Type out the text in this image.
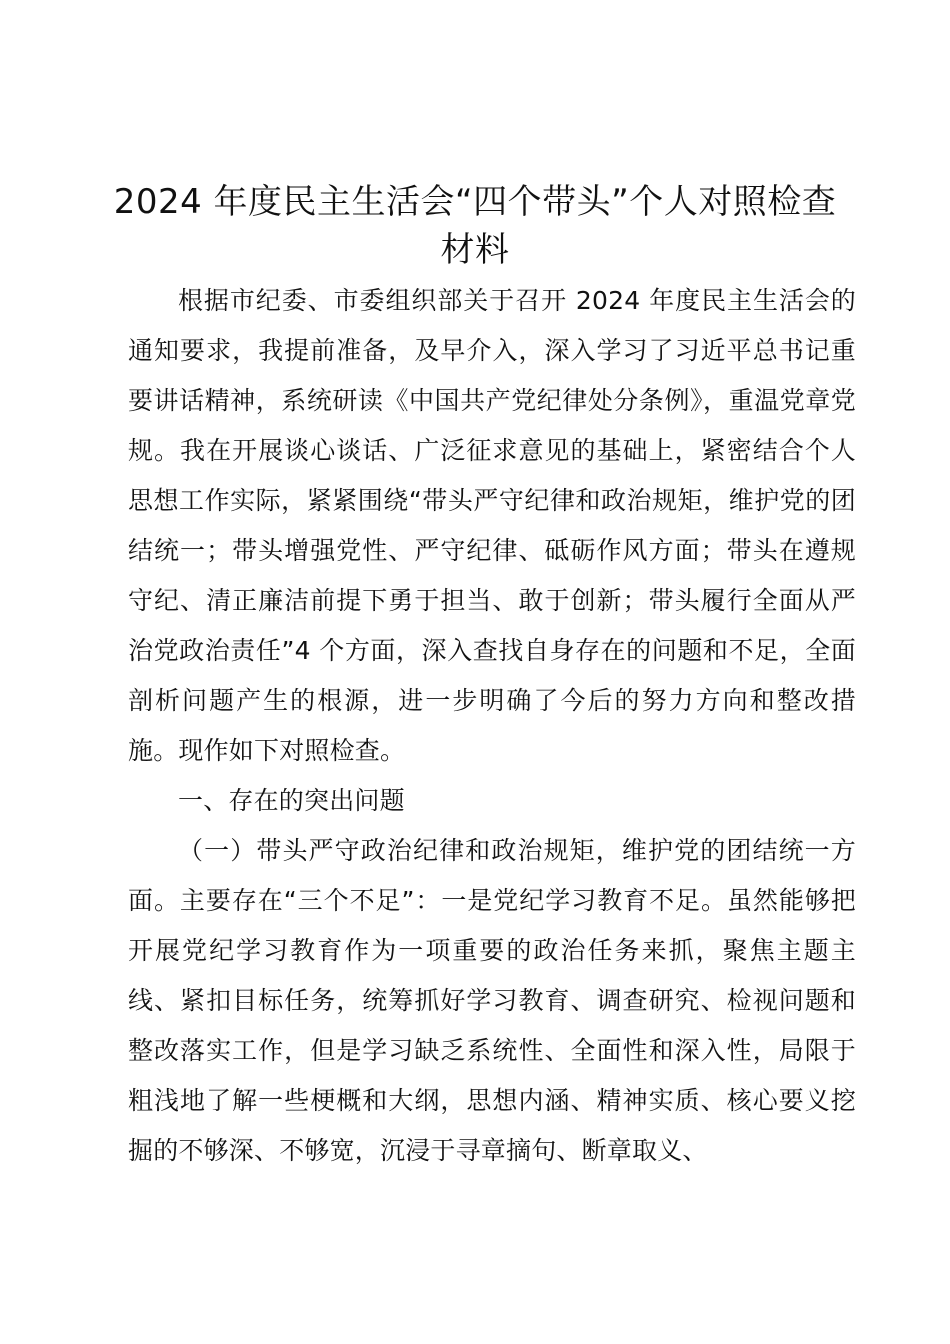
2024 年度民主生活会“四个带头”个人对照检查材料

根据市纪委、市委组织部关于召开 2024 年度民主生活会的通知要求，我提前准备，及早介入，深入学习了习近平总书记重要讲话精神，系统研读《中国共产党纪律处分条例》，重温党章党规。我在开展谈心谈话、广泛征求意见的基础上，紧密结合个人思想工作实际，紧紧围绕“带头严守纪律和政治规矩，维护党的团结统一；带头增强党性、严守纪律、砥砺作风方面；带头在遵规守纪、清正廉洁前提下勇于担当、敢于创新；带头履行全面从严治党政治责任”4 个方面，深入查找自身存在的问题和不足，全面剖析问题产生的根源，进一步明确了今后的努力方向和整改措施。现作如下对照检查。

一、存在的突出问题

（一）带头严守政治纪律和政治规矩，维护党的团结统一方面。主要存在“三个不足”：一是党纪学习教育不足。虽然能够把开展党纪学习教育作为一项重要的政治任务来抓，聚焦主题主线、紧扣目标任务，统筹抓好学习教育、调查研究、检视问题和整改落实工作，但是学习缺乏系统性、全面性和深入性，局限于粗浅地了解一些梗概和大纲，思想内涵、精神实质、核心要义挖掘的不够深、不够宽，沉浸于寻章摘句、断章取义、
